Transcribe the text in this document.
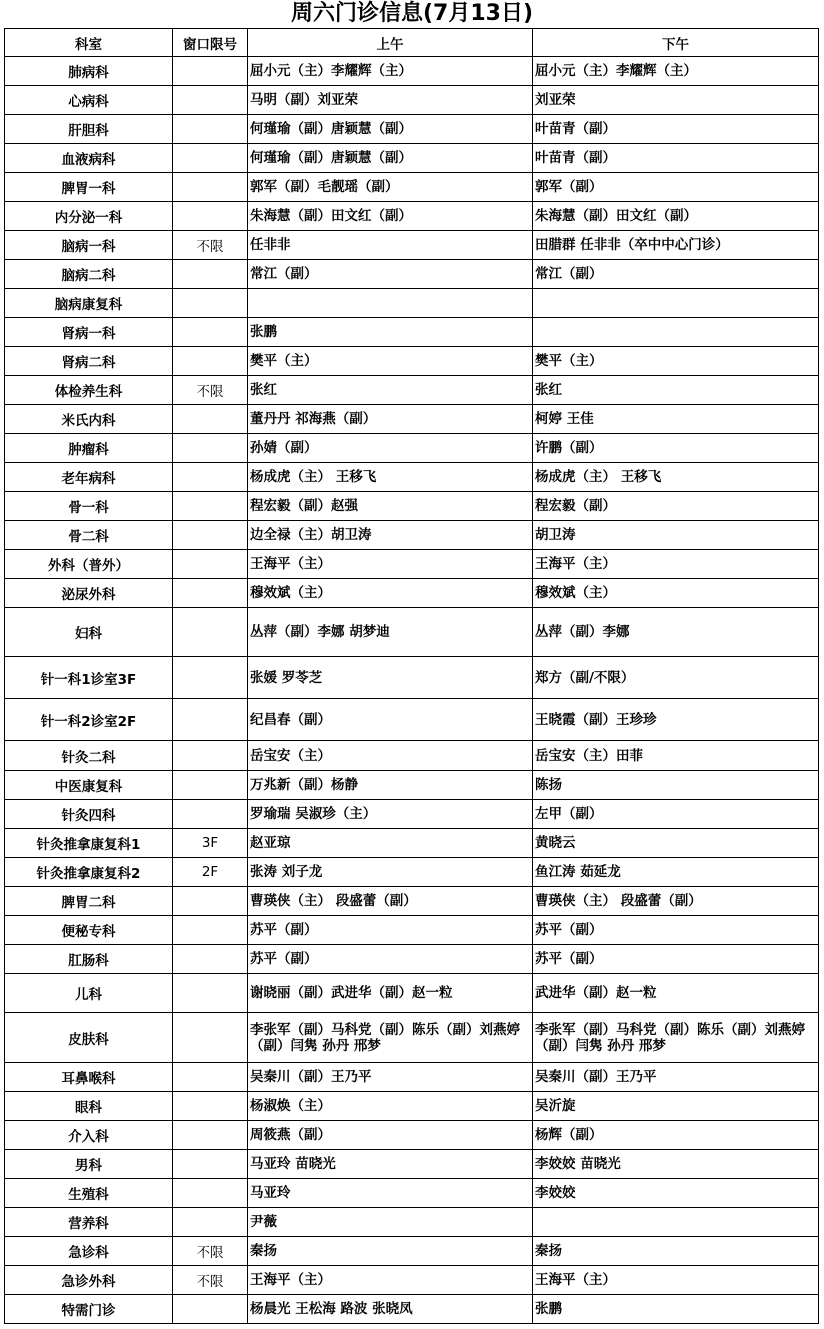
周六门诊信息(7月13日)
科室	窗口限号	上午	下午
肺病科		屈小元（主）李耀辉（主）	屈小元（主）李耀辉（主）
心病科		马明（副）刘亚荣	刘亚荣
肝胆科		何瑾瑜（副）唐颖慧（副）	叶苗青（副）
血液病科		何瑾瑜（副）唐颖慧（副）	叶苗青（副）
脾胃一科		郭军（副）毛靓瑶（副）	郭军（副）
内分泌一科		朱海慧（副）田文红（副）	朱海慧（副）田文红（副）
脑病一科	不限	任非非	田腊群 任非非（卒中中心门诊）
脑病二科		常江（副）	常江（副）
脑病康复科			
肾病一科		张鹏	
肾病二科		樊平（主）	樊平（主）
体检养生科	不限	张红	张红
米氏内科		董丹丹 祁海燕（副）	柯婷 王佳
肿瘤科		孙婧（副）	许鹏（副）
老年病科		杨成虎（主） 王移飞	杨成虎（主） 王移飞
骨一科		程宏毅（副）赵强	程宏毅（副）
骨二科		边全禄（主）胡卫涛	胡卫涛
外科（普外）		王海平（主）	王海平（主）
泌尿外科		穆效斌（主）	穆效斌（主）
妇科		丛萍（副）李娜 胡梦迪	丛萍（副）李娜
针一科1诊室3F		张媛 罗苓芝	郑方（副/不限）
针一科2诊室2F		纪昌春（副）	王晓霞（副）王珍珍
针灸二科		岳宝安（主）	岳宝安（主）田菲
中医康复科		万兆新（副）杨静	陈扬
针灸四科		罗瑜瑞 吴淑珍（主）	左甲（副）
针灸推拿康复科1	3F	赵亚琼	黄晓云
针灸推拿康复科2	2F	张涛 刘子龙	鱼江涛 茹延龙
脾胃二科		曹瑛侠（主） 段盛蕾（副）	曹瑛侠（主） 段盛蕾（副）
便秘专科		苏平（副）	苏平（副）
肛肠科		苏平（副）	苏平（副）
儿科		谢晓丽（副）武进华（副）赵一粒	武进华（副）赵一粒
皮肤科		李张军（副）马科党（副）陈乐（副）刘燕婷（副）闫隽 孙丹 邢梦	李张军（副）马科党（副）陈乐（副）刘燕婷（副）闫隽 孙丹 邢梦
耳鼻喉科		吴秦川（副）王乃平	吴秦川（副）王乃平
眼科		杨淑焕（主）	吴沂旋
介入科		周筱燕（副）	杨辉（副）
男科		马亚玲 苗晓光	李姣姣 苗晓光
生殖科		马亚玲	李姣姣
营养科		尹薇	
急诊科	不限	秦扬	秦扬
急诊外科	不限	王海平（主）	王海平（主）
特需门诊		杨晨光 王松海 路波 张晓凤	张鹏
